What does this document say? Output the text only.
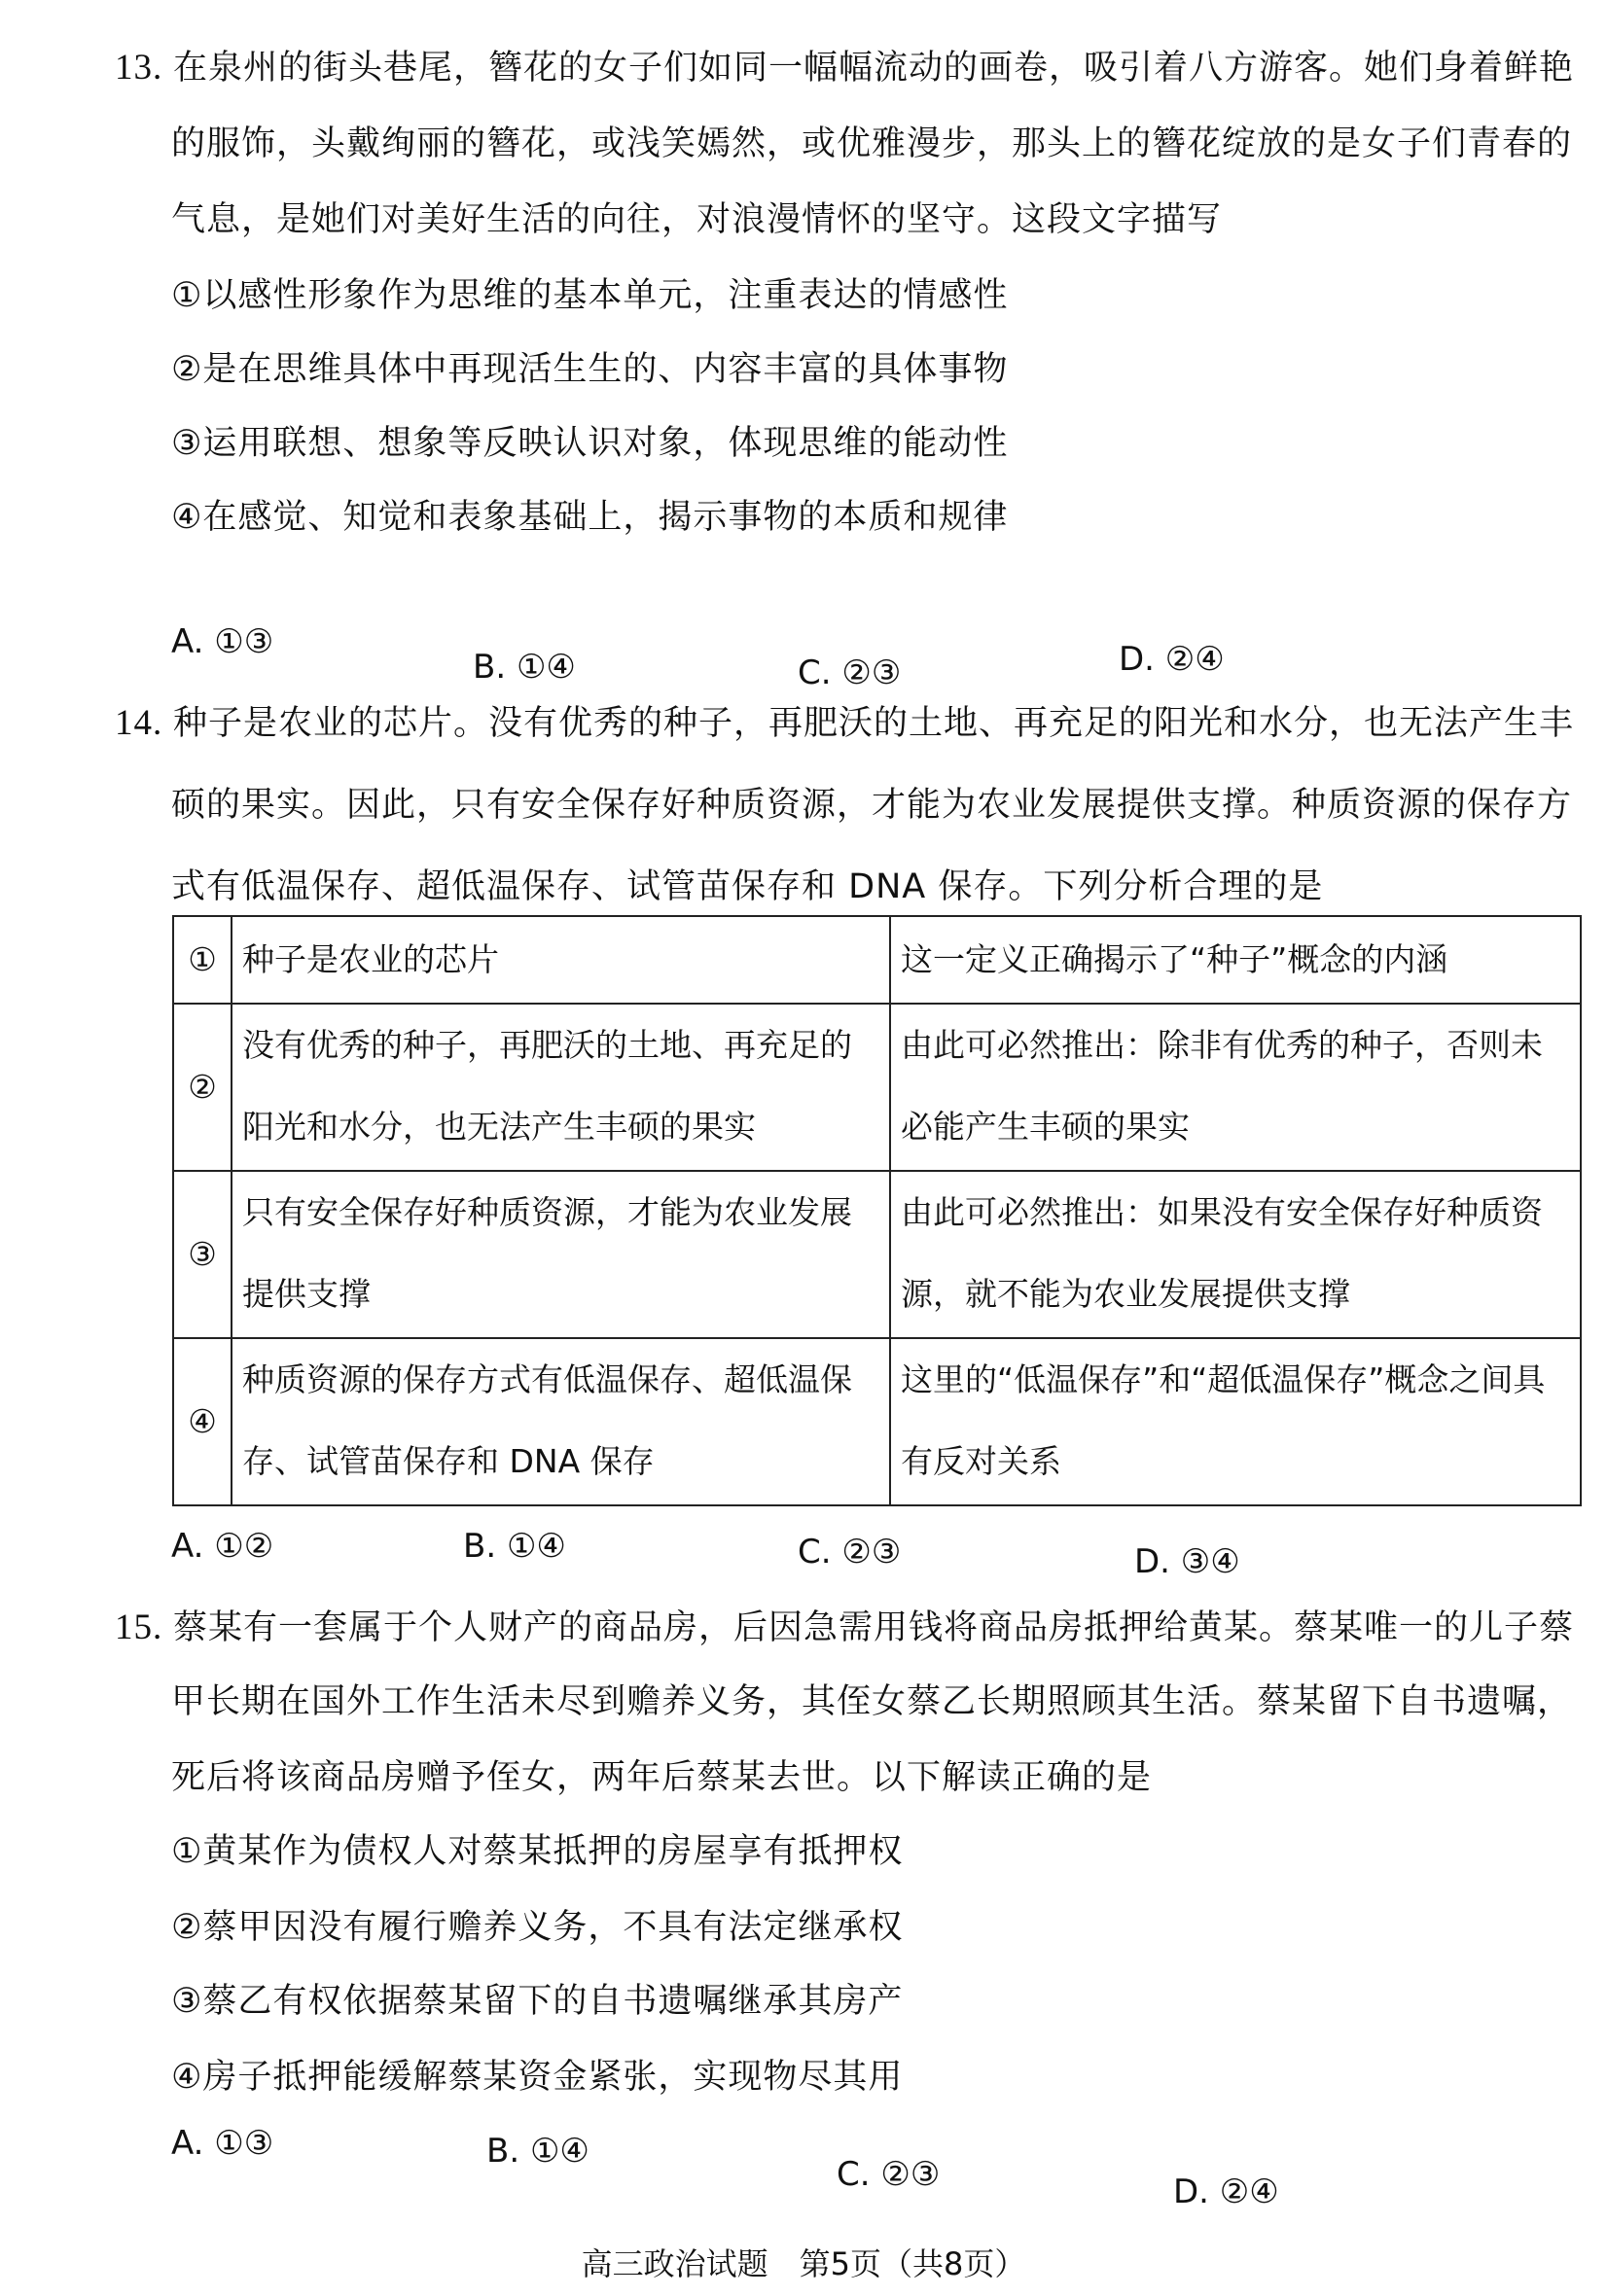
13. 在泉州的街头巷尾，簪花的女子们如同一幅幅流动的画卷，吸引着八方游客。她们身着鲜艳
的服饰，头戴绚丽的簪花，或浅笑嫣然，或优雅漫步，那头上的簪花绽放的是女子们青春的
气息，是她们对美好生活的向往，对浪漫情怀的坚守。这段文字描写
①以感性形象作为思维的基本单元，注重表达的情感性
②是在思维具体中再现活生生的、内容丰富的具体事物
③运用联想、想象等反映认识对象，体现思维的能动性
④在感觉、知觉和表象基础上，揭示事物的本质和规律
A. ①③
B. ①④	C. ②③	D. ②④
14. 种子是农业的芯片。没有优秀的种子，再肥沃的土地、再充足的阳光和水分，也无法产生丰
硕的果实。因此，只有安全保存好种质资源，才能为农业发展提供支撑。种质资源的保存方
式有低温保存、超低温保存、试管苗保存和 DNA 保存。下列分析合理的是
①	种子是农业的芯片	这一定义正确揭示了“种子”概念的内涵
②	没有优秀的种子，再肥沃的土地、再充足的阳光和水分，也无法产生丰硕的果实	由此可必然推出：除非有优秀的种子，否则未必能产生丰硕的果实
③	只有安全保存好种质资源，才能为农业发展提供支撑	由此可必然推出：如果没有安全保存好种质资源，就不能为农业发展提供支撑
④	种质资源的保存方式有低温保存、超低温保存、试管苗保存和 DNA 保存	这里的“低温保存”和“超低温保存”概念之间具有反对关系
A. ①②	B. ①④	C. ②③	D. ③④
15. 蔡某有一套属于个人财产的商品房，后因急需用钱将商品房抵押给黄某。蔡某唯一的儿子蔡
甲长期在国外工作生活未尽到赡养义务，其侄女蔡乙长期照顾其生活。蔡某留下自书遗嘱，
死后将该商品房赠予侄女，两年后蔡某去世。以下解读正确的是
①黄某作为债权人对蔡某抵押的房屋享有抵押权
②蔡甲因没有履行赡养义务，不具有法定继承权
③蔡乙有权依据蔡某留下的自书遗嘱继承其房产
④房子抵押能缓解蔡某资金紧张，实现物尽其用
A. ①③	B. ①④
C. ②③	D. ②④
高三政治试题　第5页（共8页）
